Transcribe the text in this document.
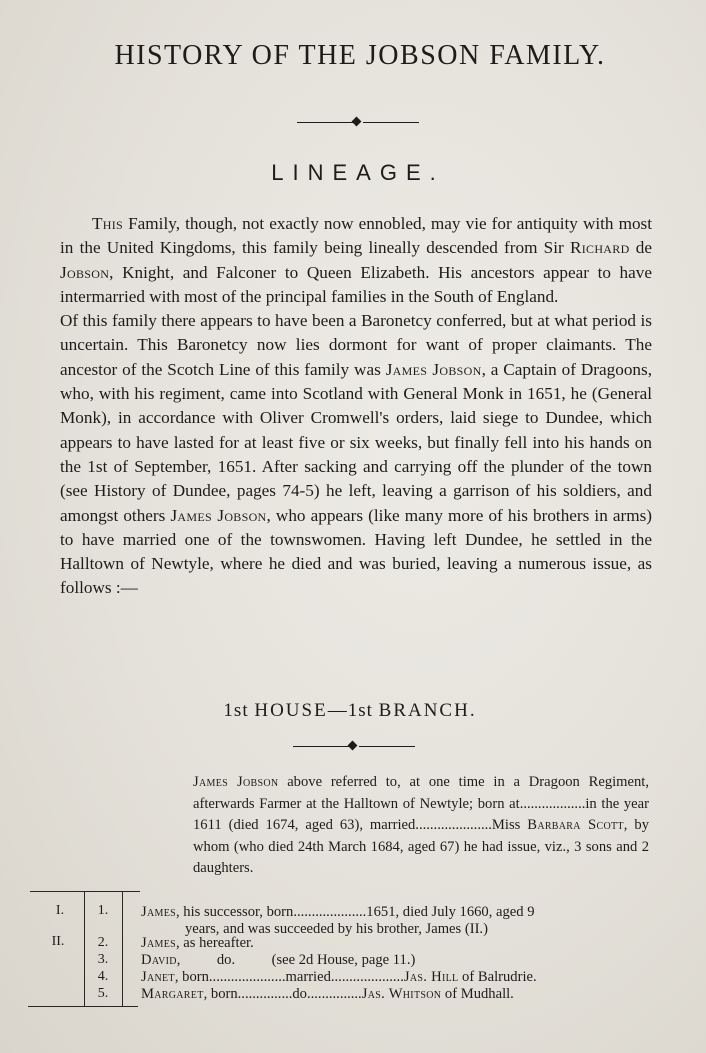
HISTORY OF THE JOBSON FAMILY.
LINEAGE.

This Family, though, not exactly now ennobled, may vie for antiquity with most in the United Kingdoms, this family being lineally descended from Sir Richard de Jobson, Knight, and Falconer to Queen Elizabeth. His ancestors appear to have intermarried with most of the principal families in the South of England.

Of this family there appears to have been a Baronetcy conferred, but at what period is uncertain. This Baronetcy now lies dormont for want of proper claimants. The ancestor of the Scotch Line of this family was James Jobson, a Captain of Dragoons, who, with his regiment, came into Scotland with General Monk in 1651, he (General Monk), in accordance with Oliver Cromwell's orders, laid siege to Dundee, which appears to have lasted for at least five or six weeks, but finally fell into his hands on the 1st of September, 1651. After sacking and carrying off the plunder of the town (see History of Dundee, pages 74-5) he left, leaving a garrison of his soldiers, and amongst others James Jobson, who appears (like many more of his brothers in arms) to have married one of the townswomen. Having left Dundee, he settled in the Halltown of Newtyle, where he died and was buried, leaving a numerous issue, as follows :—

1st HOUSE—1st BRANCH.
James Jobson above referred to, at one time in a Dragoon Regiment, afterwards Farmer at the Halltown of Newtyle; born at..................in the year 1611 (died 1674, aged 63), married.....................Miss Barbara Scott, by whom (who died 24th March 1684, aged 67) he had issue, viz., 3 sons and 2 daughters.
I.
II.
1.
2.
3.
4.
5.
James, his successor, born....................1651, died July 1660, aged 9
years, and was succeeded by his brother, James (II.)
James, as hereafter.
David,          do.          (see 2d House, page 11.)
Janet, born.....................married....................Jas. Hill of Balrudrie.
Margaret, born...............do...............Jas. Whitson of Mudhall.
